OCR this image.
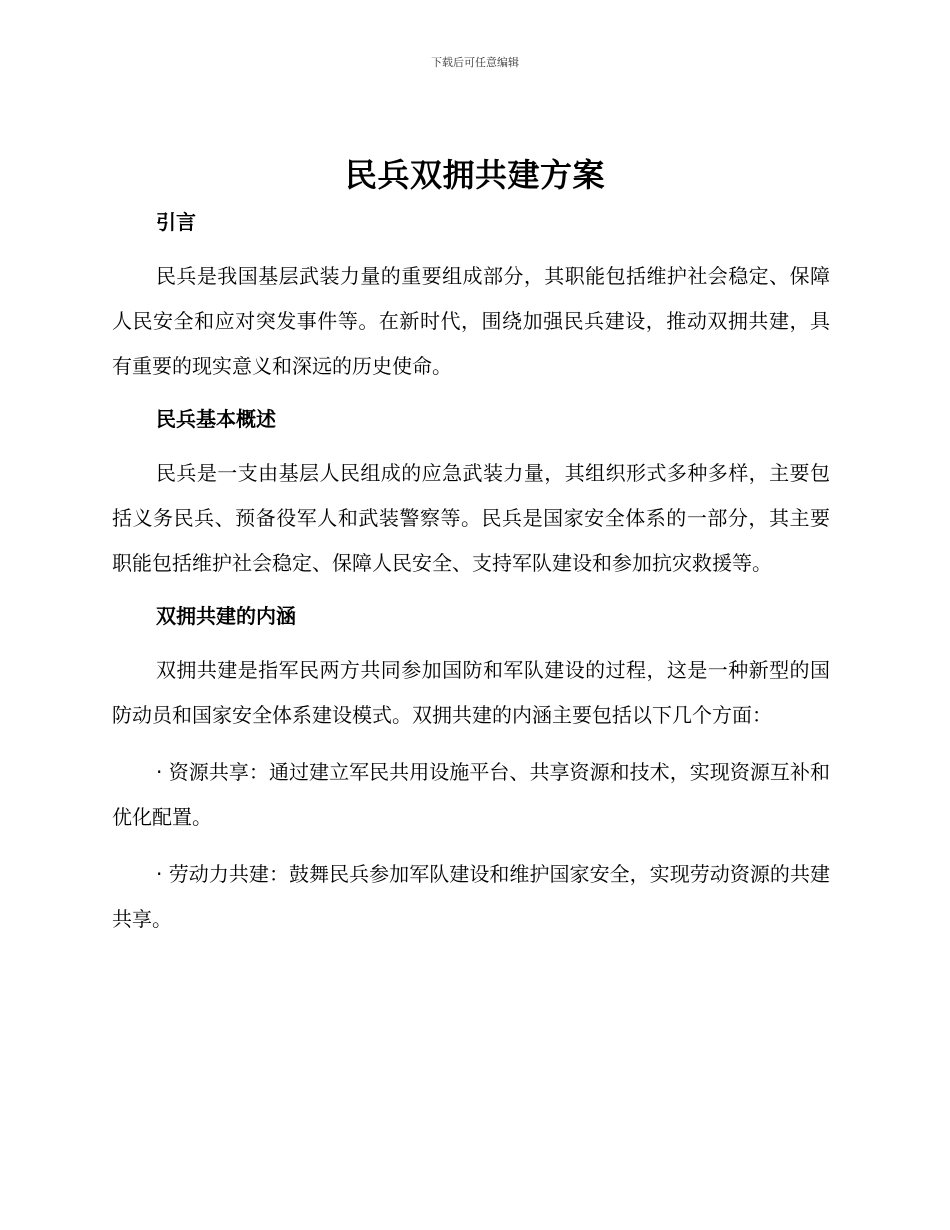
下载后可任意编辑
民兵双拥共建方案
引言

民兵是我国基层武装力量的重要组成部分，其职能包括维护社会稳定、保障人民安全和应对突发事件等。在新时代，围绕加强民兵建设，推动双拥共建，具有重要的现实意义和深远的历史使命。

民兵基本概述

民兵是一支由基层人民组成的应急武装力量，其组织形式多种多样，主要包括义务民兵、预备役军人和武装警察等。民兵是国家安全体系的一部分，其主要职能包括维护社会稳定、保障人民安全、支持军队建设和参加抗灾救援等。

双拥共建的内涵

双拥共建是指军民两方共同参加国防和军队建设的过程，这是一种新型的国防动员和国家安全体系建设模式。双拥共建的内涵主要包括以下几个方面：

· 资源共享：通过建立军民共用设施平台、共享资源和技术，实现资源互补和优化配置。

· 劳动力共建：鼓舞民兵参加军队建设和维护国家安全，实现劳动资源的共建共享。
